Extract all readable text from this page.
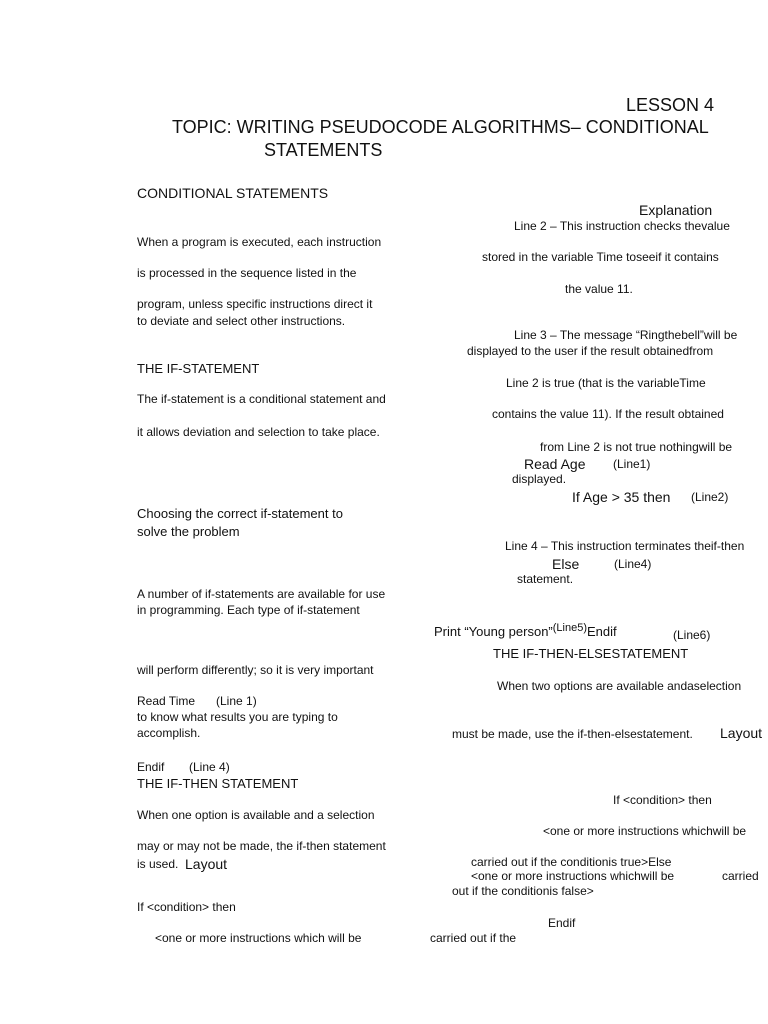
LESSON 4
TOPIC: WRITING PSEUDOCODE ALGORITHMS– CONDITIONAL
STATEMENTS
CONDITIONAL STATEMENTS
When a program is executed, each instruction
is processed in the sequence listed in the
program, unless specific instructions direct it
to deviate and select other instructions.
THE IF-STATEMENT
The if-statement is a conditional statement and
it allows deviation and selection to take place.
Choosing the correct if-statement to
solve the problem
A number of if-statements are available for use
in programming. Each type of if-statement
will perform differently; so it is very important
Read Time (Line 1)
to know what results you are typing to
accomplish.
Endif (Line 4)
THE IF-THEN STATEMENT
When one option is available and a selection
may or may not be made, the if-then statement
is used. Layout
If <condition> then
<one or more instructions which will be	carried out if the
Explanation
Line 2 – This instruction checks thevalue
stored in the variable Time toseeif it contains
the value 11.
Line 3 – The message “Ringthebell”will be
displayed to the user if the result obtainedfrom
Line 2 is true (that is the variableTime
contains the value 11). If the result obtained
from Line 2 is not true nothingwill be
Read Age (Line1)
displayed.
If Age > 35 then (Line2)
Line 4 – This instruction terminates theif-then
Else	(Line4)
statement.
Print “Young person”$^{(Line5)}$Endif	(Line6)
THE IF-THEN-ELSESTATEMENT
When two options are available andaselection
must be made, use the if-then-elsestatement. Layout
If <condition> then
<one or more instructions whichwill be
carried out if the conditionis true>Else
<one or more instructions whichwill be	carried
out if the conditionis false>
Endif
